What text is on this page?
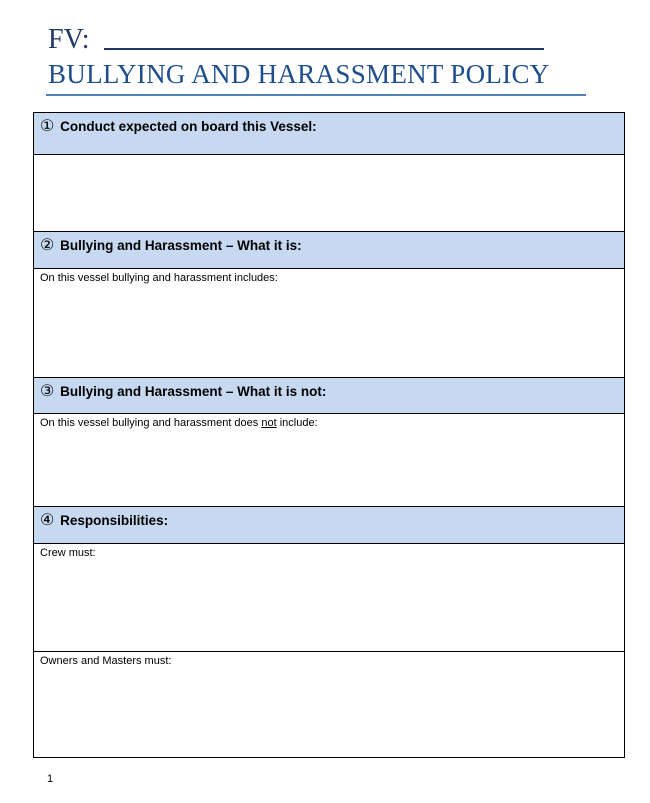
FV:
BULLYING AND HARASSMENT POLICY
① Conduct expected on board this Vessel:
② Bullying and Harassment – What it is:
On this vessel bullying and harassment includes:
③ Bullying and Harassment – What it is not:
On this vessel bullying and harassment does not include:
④ Responsibilities:
Crew must:
Owners and Masters must:
1
